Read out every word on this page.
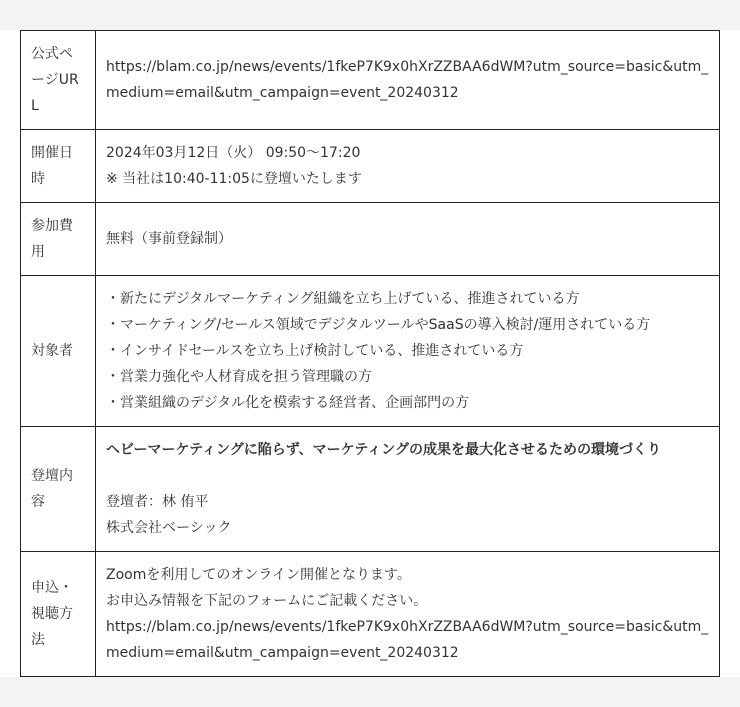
公式ページURL	https://blam.co.jp/news/events/1fkeP7K9x0hXrZZBAA6dWM?utm_source=basic&utm_medium=email&utm_campaign=event_20240312

開催日時	2024年03月12日（火） 09:50〜17:20
※ 当社は10:40-11:05に登壇いたします

参加費用	無料（事前登録制）

対象者	・新たにデジタルマーケティング組織を立ち上げている、推進されている方
・マーケティング/セールス領域でデジタルツールやSaaSの導入検討/運用されている方
・インサイドセールスを立ち上げ検討している、推進されている方
・営業力強化や人材育成を担う管理職の方
・営業組織のデジタル化を模索する経営者、企画部門の方

登壇内容	ヘビーマーケティングに陥らず、マーケティングの成果を最大化させるための環境づくり
登壇者：林 侑平
株式会社ベーシック

申込・視聴方法	Zoomを利用してのオンライン開催となります。
お申込み情報を下記のフォームにご記載ください。
https://blam.co.jp/news/events/1fkeP7K9x0hXrZZBAA6dWM?utm_source=basic&utm_medium=email&utm_campaign=event_20240312
